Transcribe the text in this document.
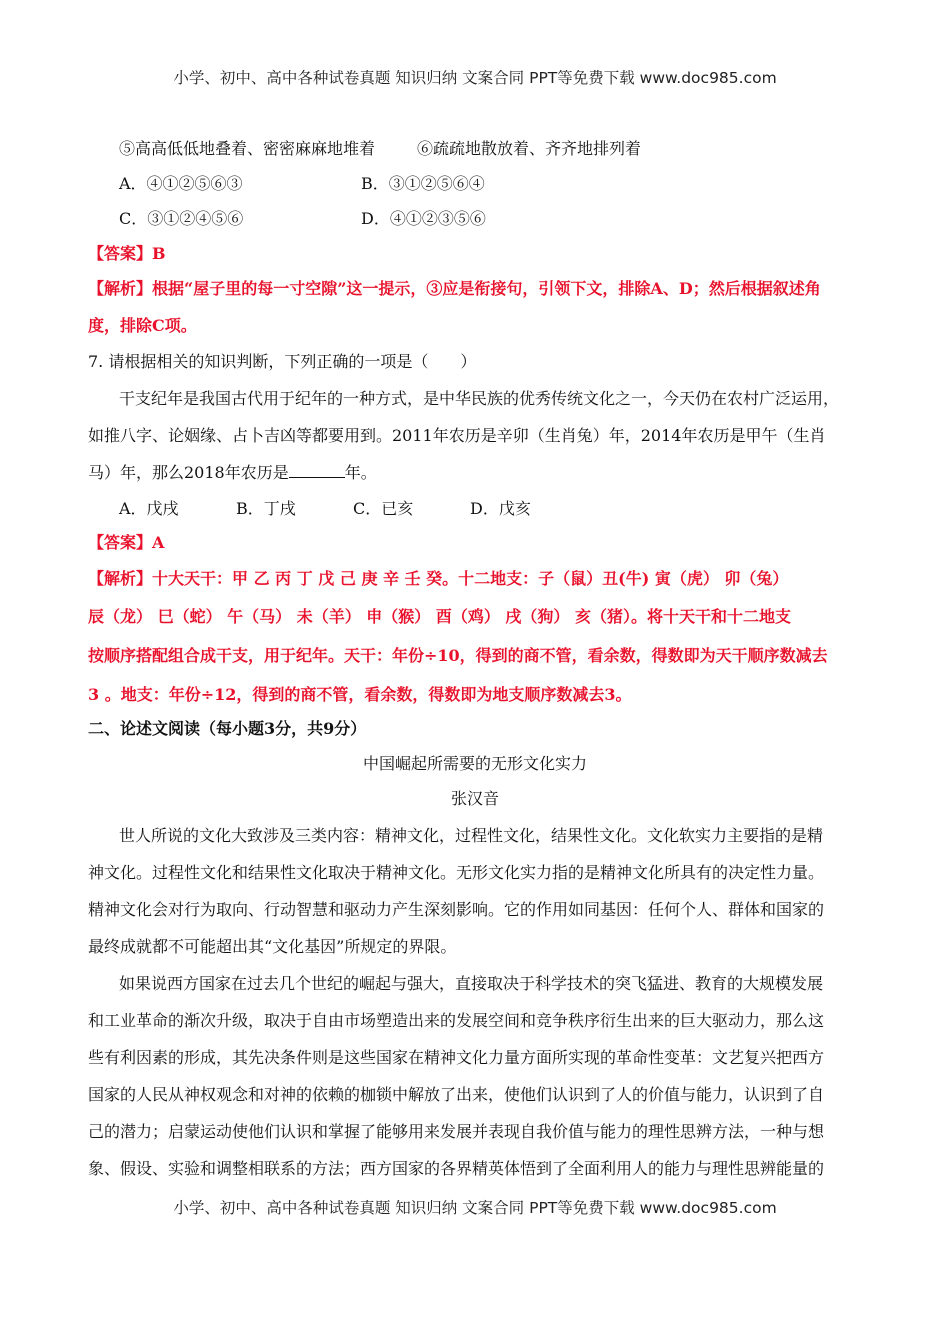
小学、初中、高中各种试卷真题 知识归纳 文案合同 PPT等免费下载 www.doc985.com
⑤高高低低地叠着、密密麻麻地堆着	⑥疏疏地散放着、齐齐地排列着
A．④①②⑤⑥③	B．③①②⑤⑥④
C．③①②④⑤⑥	D．④①②③⑤⑥
【答案】B
【解析】根据“屋子里的每一寸空隙”这一提示，③应是衔接句，引领下文，排除A、D；然后根据叙述角
度，排除C项。
7. 请根据相关的知识判断，下列正确的一项是（　　）
干支纪年是我国古代用于纪年的一种方式，是中华民族的优秀传统文化之一，今天仍在农村广泛运用，
如推八字、论姻缘、占卜吉凶等都要用到。2011年农历是辛卯（生肖兔）年，2014年农历是甲午（生肖
马）年，那么2018年农历是	年。
A．戊戌	B．丁戌	C．已亥	D．戊亥
【答案】A
【解析】十大天干：甲 乙 丙 丁 戊 己 庚 辛 壬 癸。十二地支：子（鼠）丑(牛) 寅（虎） 卯（兔）
辰（龙） 巳（蛇） 午（马） 未（羊） 申（猴） 酉（鸡） 戌（狗） 亥（猪）。将十天干和十二地支
按顺序搭配组合成干支，用于纪年。天干：年份÷10，得到的商不管，看余数，得数即为天干顺序数减去
3 。地支：年份÷12，得到的商不管，看余数，得数即为地支顺序数减去3。
二、论述文阅读（每小题3分，共9分）
中国崛起所需要的无形文化实力
张汉音
世人所说的文化大致涉及三类内容：精神文化，过程性文化，结果性文化。文化软实力主要指的是精
神文化。过程性文化和结果性文化取决于精神文化。无形文化实力指的是精神文化所具有的决定性力量。
精神文化会对行为取向、行动智慧和驱动力产生深刻影响。它的作用如同基因：任何个人、群体和国家的
最终成就都不可能超出其“文化基因”所规定的界限。
如果说西方国家在过去几个世纪的崛起与强大，直接取决于科学技术的突飞猛进、教育的大规模发展
和工业革命的渐次升级，取决于自由市场塑造出来的发展空间和竞争秩序衍生出来的巨大驱动力，那么这
些有利因素的形成，其先决条件则是这些国家在精神文化力量方面所实现的革命性变革：文艺复兴把西方
国家的人民从神权观念和对神的依赖的枷锁中解放了出来，使他们认识到了人的价值与能力，认识到了自
己的潜力；启蒙运动使他们认识和掌握了能够用来发展并表现自我价值与能力的理性思辨方法，一种与想
象、假设、实验和调整相联系的方法；西方国家的各界精英体悟到了全面利用人的能力与理性思辨能量的
小学、初中、高中各种试卷真题 知识归纳 文案合同 PPT等免费下载 www.doc985.com
